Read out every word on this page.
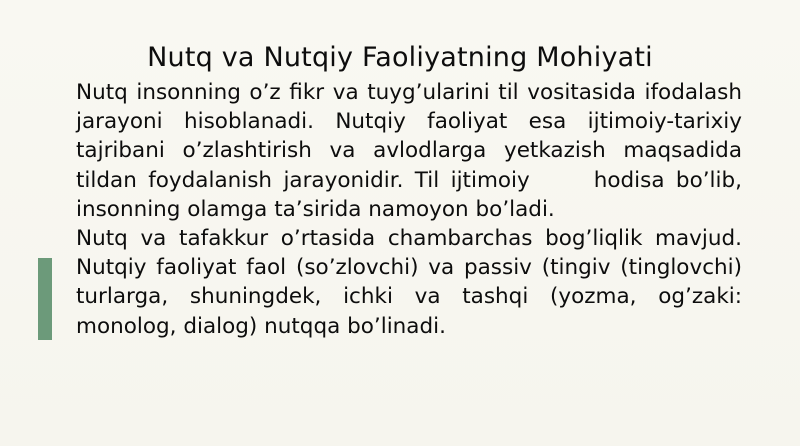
Nutq va Nutqiy Faoliyatning Mohiyati

Nutq insonning o’z fikr va tuyg’ularini til vositasida ifodalash jarayoni hisoblanadi. Nutqiy faoliyat esa ijtimoiy-tarixiy tajribani o’zlashtirish va avlodlarga yetkazish maqsadida tildan foydalanish jarayonidir. Til ijtimoiy	hodisa bo’lib, insonning olamga ta’sirida namoyon bo’ladi.

Nutq va tafakkur o’rtasida chambarchas bog’liqlik mavjud. Nutqiy faoliyat faol (so’zlovchi) va passiv (tingiv (tinglovchi) turlarga, shuningdek, ichki va tashqi (yozma, og’zaki: monolog, dialog) nutqqa bo’linadi.
